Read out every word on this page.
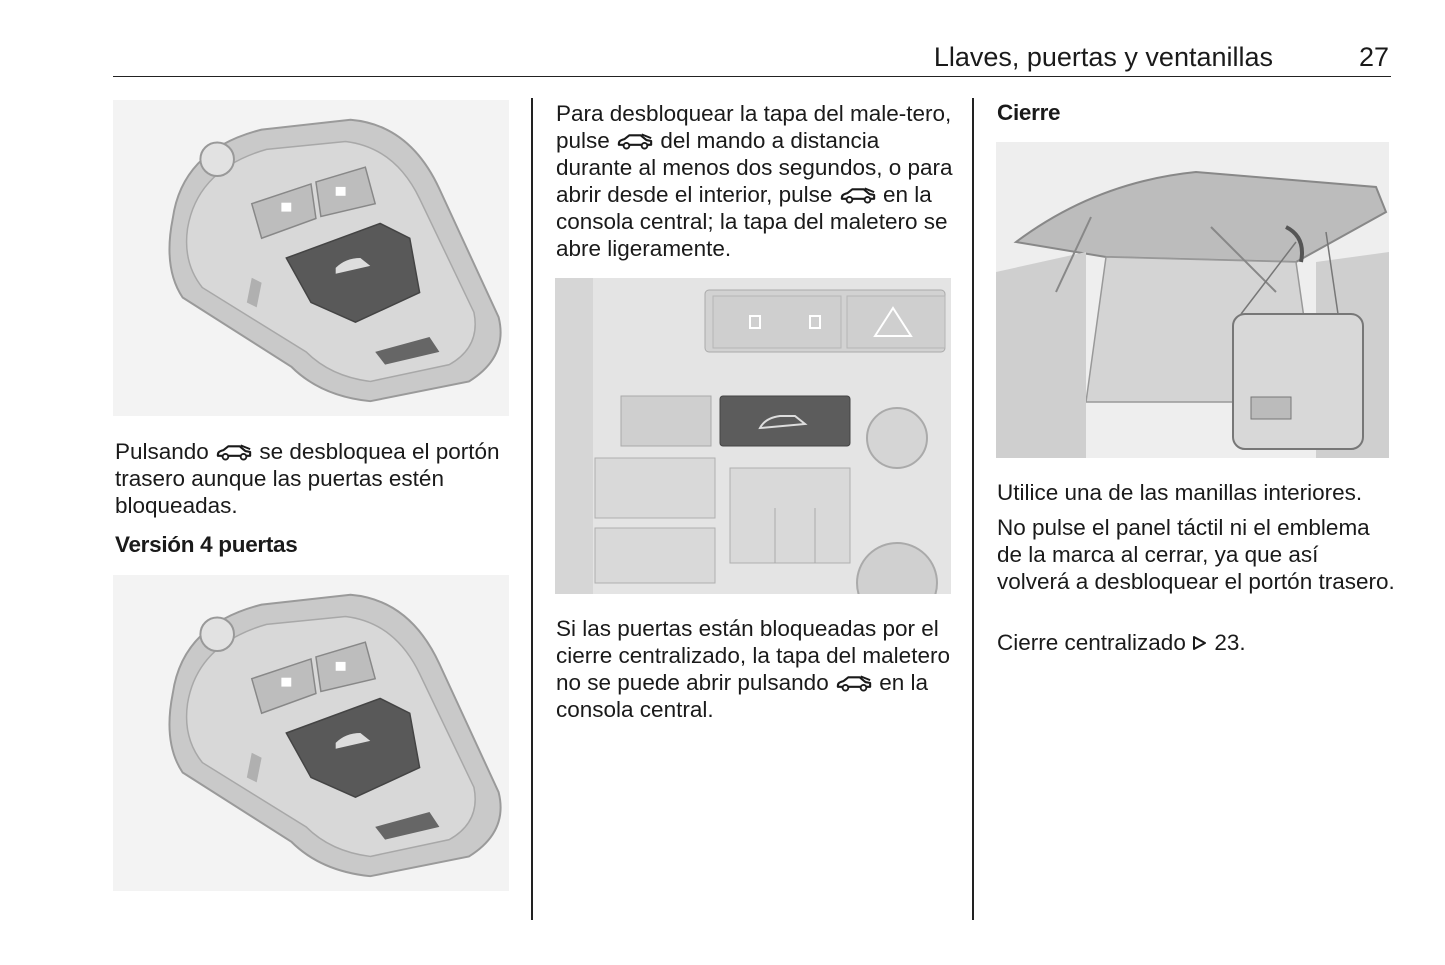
Llaves, puertas y ventanillas	27

Pulsando se desbloquea el portón trasero aunque las puertas estén bloqueadas.

Versión 4 puertas

Para desbloquear la tapa del male-tero, pulse del mando a distancia durante al menos dos segundos, o para abrir desde el interior, pulse en la consola central; la tapa del maletero se abre ligeramente.

Si las puertas están bloqueadas por el cierre centralizado, la tapa del maletero no se puede abrir pulsando en la consola central.

Cierre

Utilice una de las manillas interiores.

No pulse el panel táctil ni el emblema de la marca al cerrar, ya que así volverá a desbloquear el portón trasero.

Cierre centralizado 23.
